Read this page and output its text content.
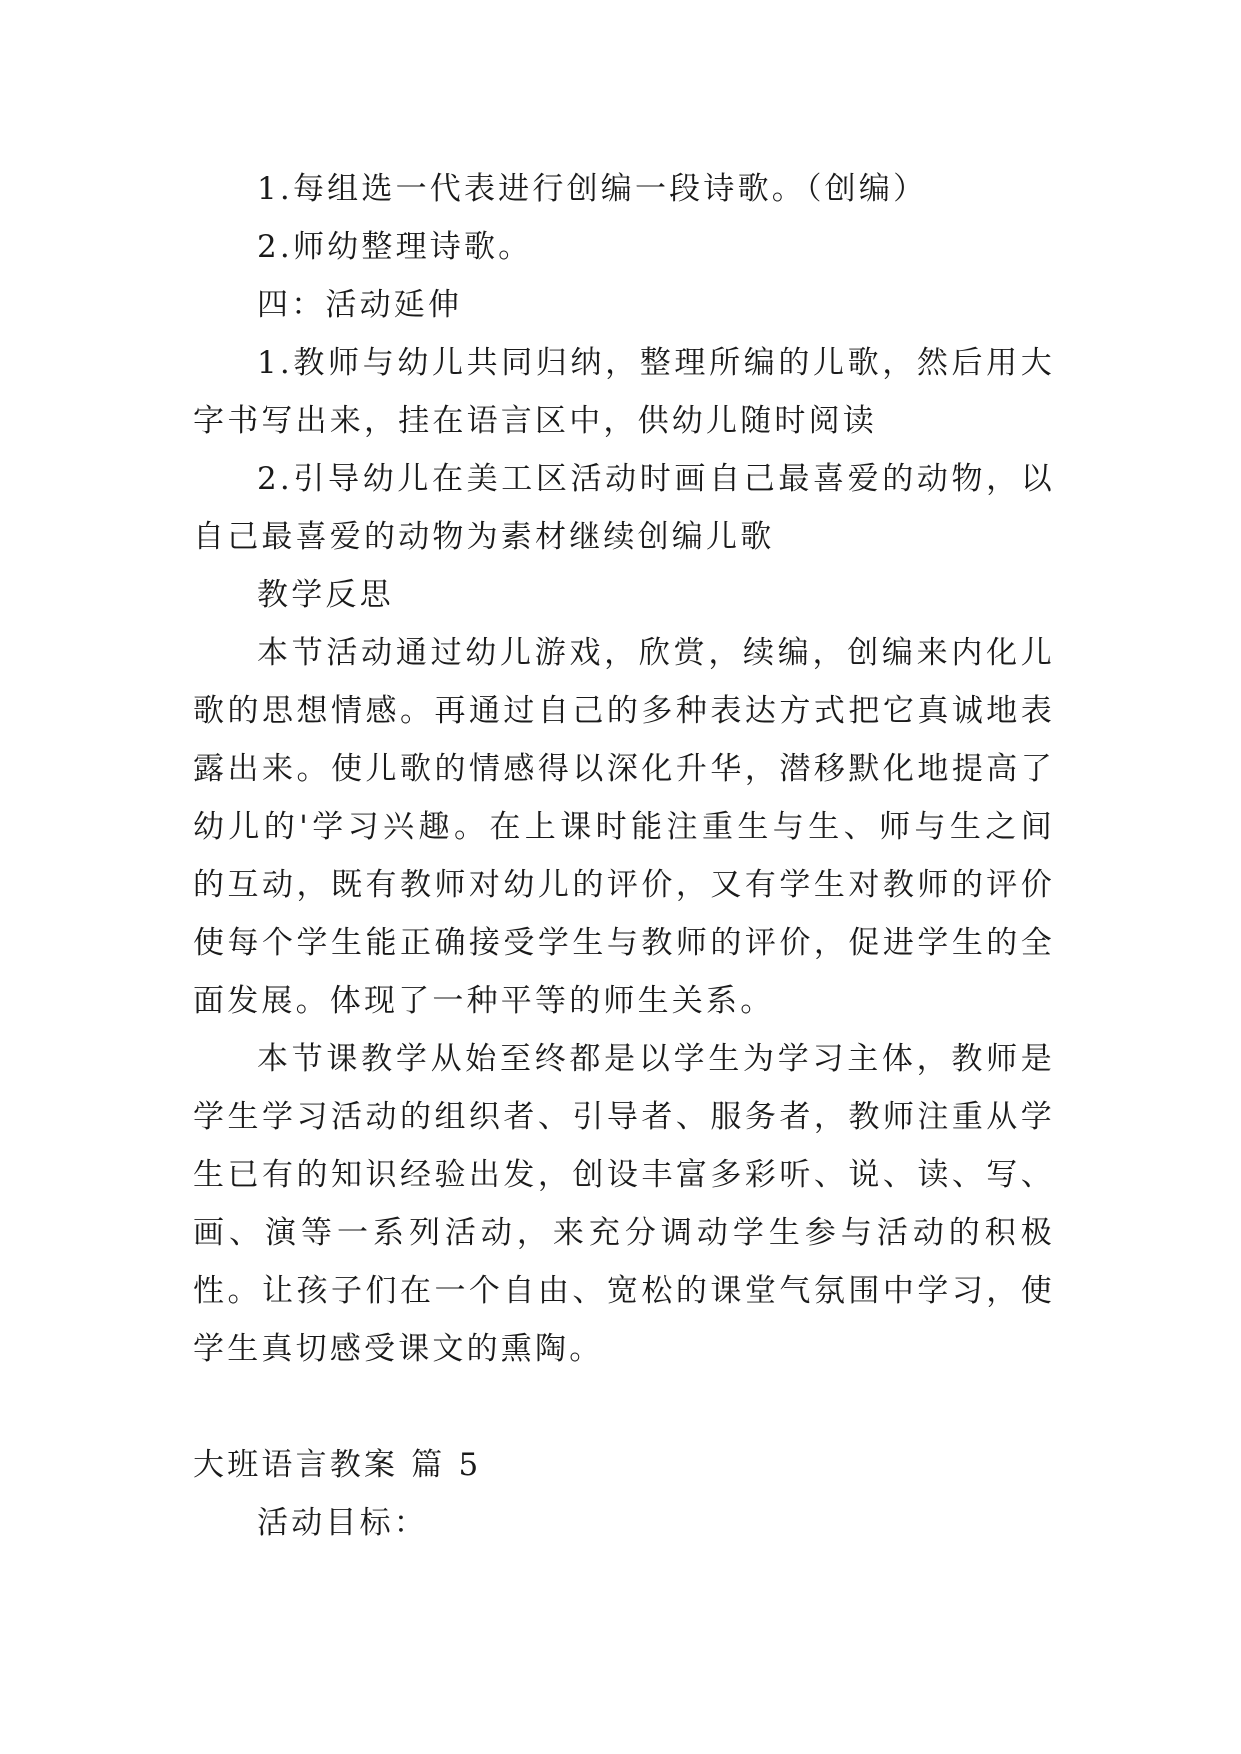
1.每组选一代表进行创编一段诗歌。（创编）

2.师幼整理诗歌。

四：活动延伸

1.教师与幼儿共同归纳，整理所编的儿歌，然后用大字书写出来，挂在语言区中，供幼儿随时阅读

2.引导幼儿在美工区活动时画自己最喜爱的动物，以自己最喜爱的动物为素材继续创编儿歌

教学反思

本节活动通过幼儿游戏，欣赏，续编，创编来内化儿歌的思想情感。再通过自己的多种表达方式把它真诚地表露出来。使儿歌的情感得以深化升华，潜移默化地提高了幼儿的'学习兴趣。在上课时能注重生与生、师与生之间的互动，既有教师对幼儿的评价，又有学生对教师的评价使每个学生能正确接受学生与教师的评价，促进学生的全面发展。体现了一种平等的师生关系。

本节课教学从始至终都是以学生为学习主体，教师是学生学习活动的组织者、引导者、服务者，教师注重从学生已有的知识经验出发，创设丰富多彩听、说、读、写、画、演等一系列活动，来充分调动学生参与活动的积极性。让孩子们在一个自由、宽松的课堂气氛围中学习，使学生真切感受课文的熏陶。

大班语言教案 篇 5

活动目标：
